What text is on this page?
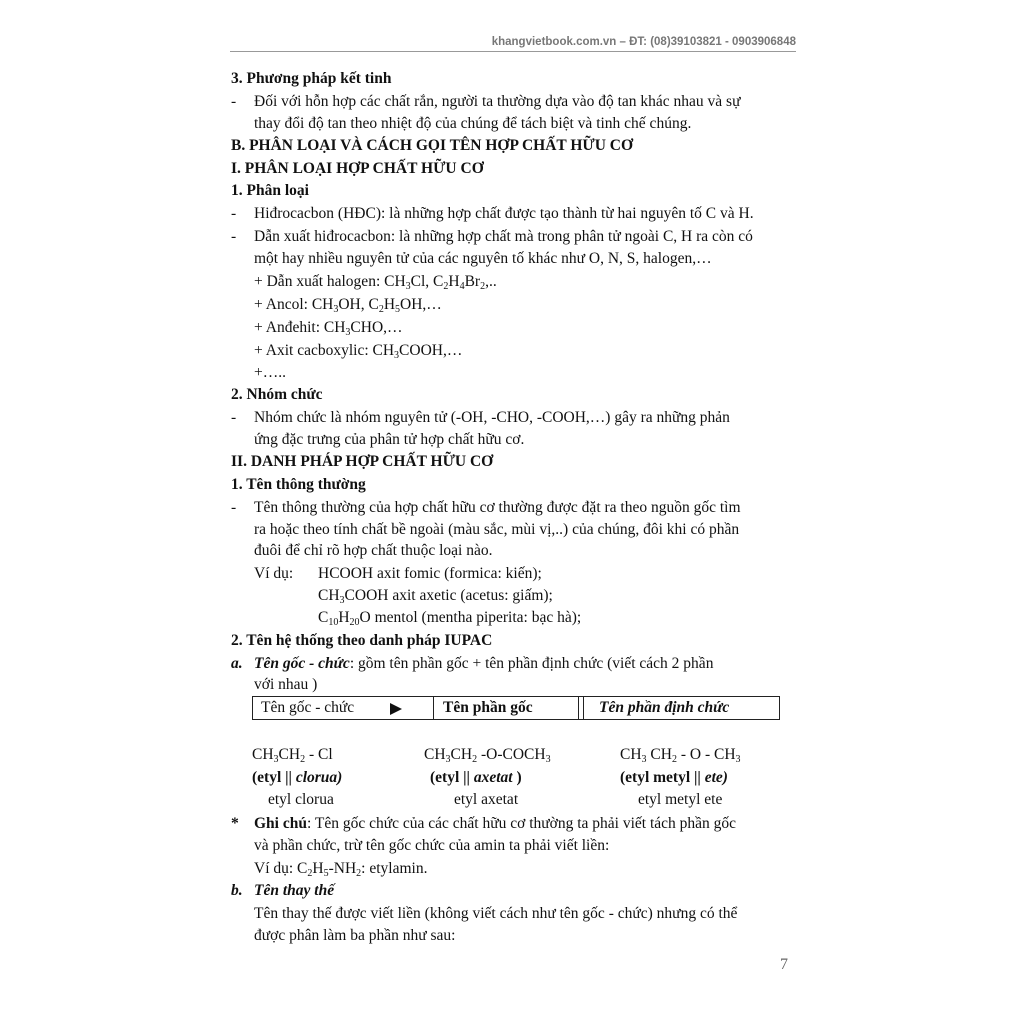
khangvietbook.com.vn – ĐT: (08)39103821 - 0903906848
3. Phương pháp kết tinh
- Đối với hỗn hợp các chất rắn, người ta thường dựa vào độ tan khác nhau và sự
thay đổi độ tan theo nhiệt độ của chúng để tách biệt và tinh chế chúng.
B. PHÂN LOẠI VÀ CÁCH GỌI TÊN HỢP CHẤT HỮU CƠ
I. PHÂN LOẠI HỢP CHẤT HỮU CƠ
1. Phân loại
- Hiđrocacbon (HĐC): là những hợp chất được tạo thành từ hai nguyên tố C và H.
- Dẫn xuất hiđrocacbon: là những hợp chất mà trong phân tử ngoài C, H ra còn có
một hay nhiều nguyên tử của các nguyên tố khác như O, N, S, halogen,…
+ Dẫn xuất halogen: $CH_3Cl$, $C_2H_4Br_2$,..
+ Ancol: $CH_3OH$, $C_2H_5OH,\dots$
+ Anđehit: $CH_3CHO,\dots$
+ Axit cacboxylic: $CH_3COOH,\dots$
+…..
2. Nhóm chức
- Nhóm chức là nhóm nguyên tử (-OH, -CHO, -COOH,…) gây ra những phản
ứng đặc trưng của phân tử hợp chất hữu cơ.
II. DANH PHÁP HỢP CHẤT HỮU CƠ
1. Tên thông thường
- Tên thông thường của hợp chất hữu cơ thường được đặt ra theo nguồn gốc tìm
ra hoặc theo tính chất bề ngoài (màu sắc, mùi vị,..) của chúng, đôi khi có phần
đuôi để chỉ rõ hợp chất thuộc loại nào.
Ví dụ: HCOOH axit fomic (formica: kiến);
$CH_3COOH$ axit axetic (acetus: giấm);
$C_{10}H_{20}O$ mentol (mentha piperita: bạc hà);
2. Tên hệ thống theo danh pháp IUPAC
a. Tên gốc - chức: gồm tên phần gốc + tên phần định chức (viết cách 2 phần
với nhau )
Tên gốc - chức	Tên phần gốc	Tên phần định chức
$CH_3CH_2$ - Cl	$CH_3CH_2$ $-O-COCH_3$	$CH_3$ $CH_2$ - O - $CH_3$
(etyl || clorua)	(etyl || axetat )	(etyl metyl || ete)
etyl clorua	etyl axetat	etyl metyl ete
* Ghi chú: Tên gốc chức của các chất hữu cơ thường ta phải viết tách phần gốc
và phần chức, trừ tên gốc chức của amin ta phải viết liền:
Ví dụ: $C_2H_5-NH_2$: etylamin.
b. Tên thay thế
Tên thay thế được viết liền (không viết cách như tên gốc - chức) nhưng có thể
được phân làm ba phần như sau:
7
